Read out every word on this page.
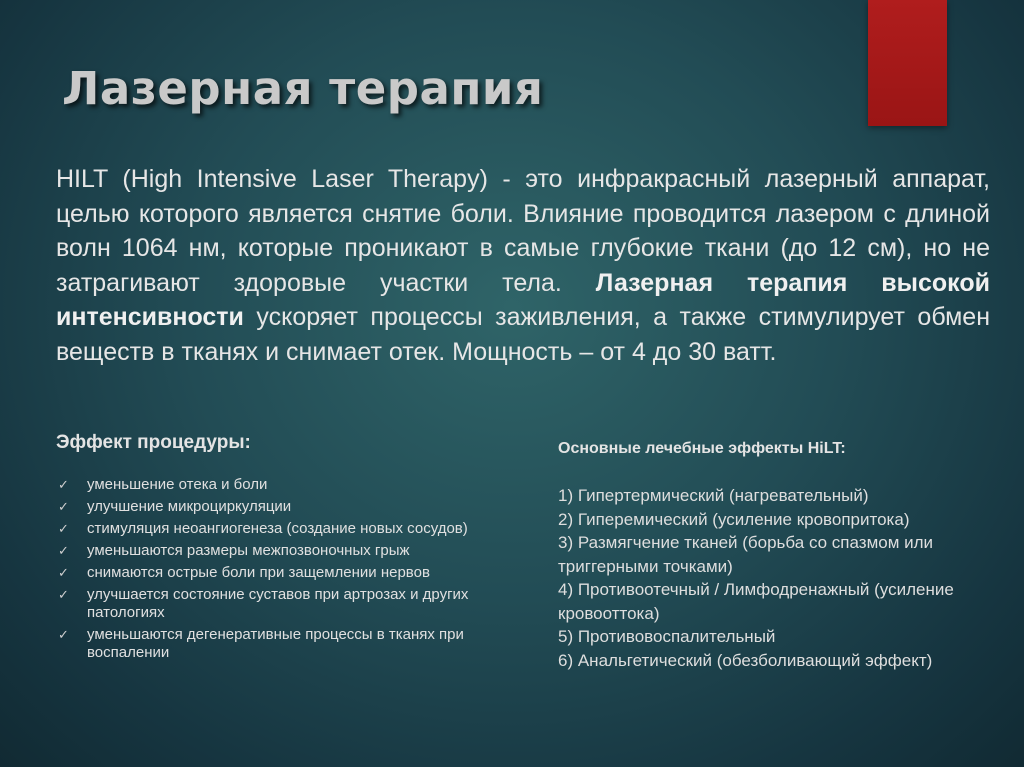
Лазерная терапия

HILT (High Intensive Laser Therapy) - это инфракрасный лазерный аппарат, целью которого является снятие боли. Влияние проводится лазером с длиной волн 1064 нм, которые проникают в самые глубокие ткани (до 12 см), но не затрагивают здоровые участки тела. Лазерная терапия высокой интенсивности ускоряет процессы заживления, а также стимулирует обмен веществ в тканях и снимает отек. Мощность – от 4 до 30 ватт.

Эффект процедуры:

✓ уменьшение отека и боли
✓ улучшение микроциркуляции
✓ стимуляция неоангиогенеза (создание новых сосудов)
✓ уменьшаются размеры межпозвоночных грыж
✓ снимаются острые боли при защемлении нервов
✓ улучшается состояние суставов при артрозах и других патологиях
✓ уменьшаются дегенеративные процессы в тканях при воспалении

Основные лечебные эффекты HiLT:

1) Гипертермический (нагревательный)
2) Гиперемический (усиление кровопритока)
3) Размягчение тканей (борьба со спазмом или триггерными точками)
4) Противоотечный / Лимфодренажный (усиление кровооттока)
5) Противовоспалительный
6) Анальгетический (обезболивающий эффект)
